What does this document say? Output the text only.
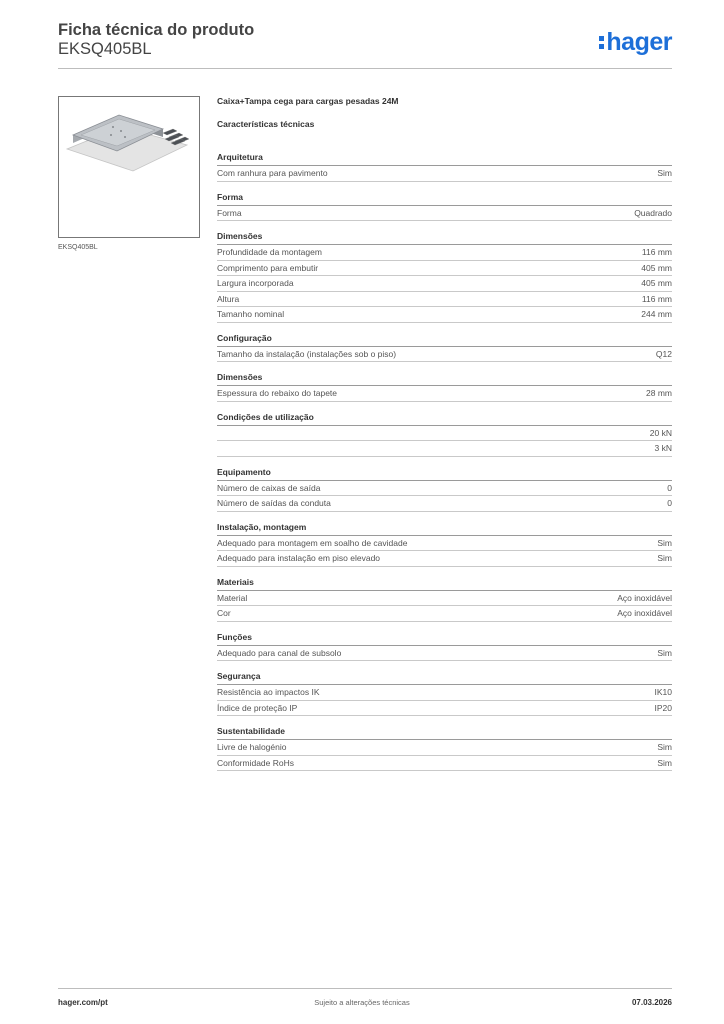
Ficha técnica do produto
EKSQ405BL	hager
EKSQ405BL
Caixa+Tampa cega para cargas pesadas 24M
Características técnicas
Arquitetura
Com ranhura para pavimento	Sim
Forma
Forma	Quadrado
Dimensões
Profundidade da montagem	116 mm
Comprimento para embutir	405 mm
Largura incorporada	405 mm
Altura	116 mm
Tamanho nominal	244 mm
Configuração
Tamanho da instalação (instalações sob o piso)	Q12
Dimensões
Espessura do rebaixo do tapete	28 mm
Condições de utilização
20 kN
3 kN
Equipamento
Número de caixas de saída	0
Número de saídas da conduta	0
Instalação, montagem
Adequado para montagem em soalho de cavidade	Sim
Adequado para instalação em piso elevado	Sim
Materiais
Material	Aço inoxidável
Cor	Aço inoxidável
Funções
Adequado para canal de subsolo	Sim
Segurança
Resistência ao impactos IK	IK10
Índice de proteção IP	IP20
Sustentabilidade
Livre de halogénio	Sim
Conformidade RoHs	Sim
hager.com/pt	Sujeito a alterações técnicas	07.03.2026
